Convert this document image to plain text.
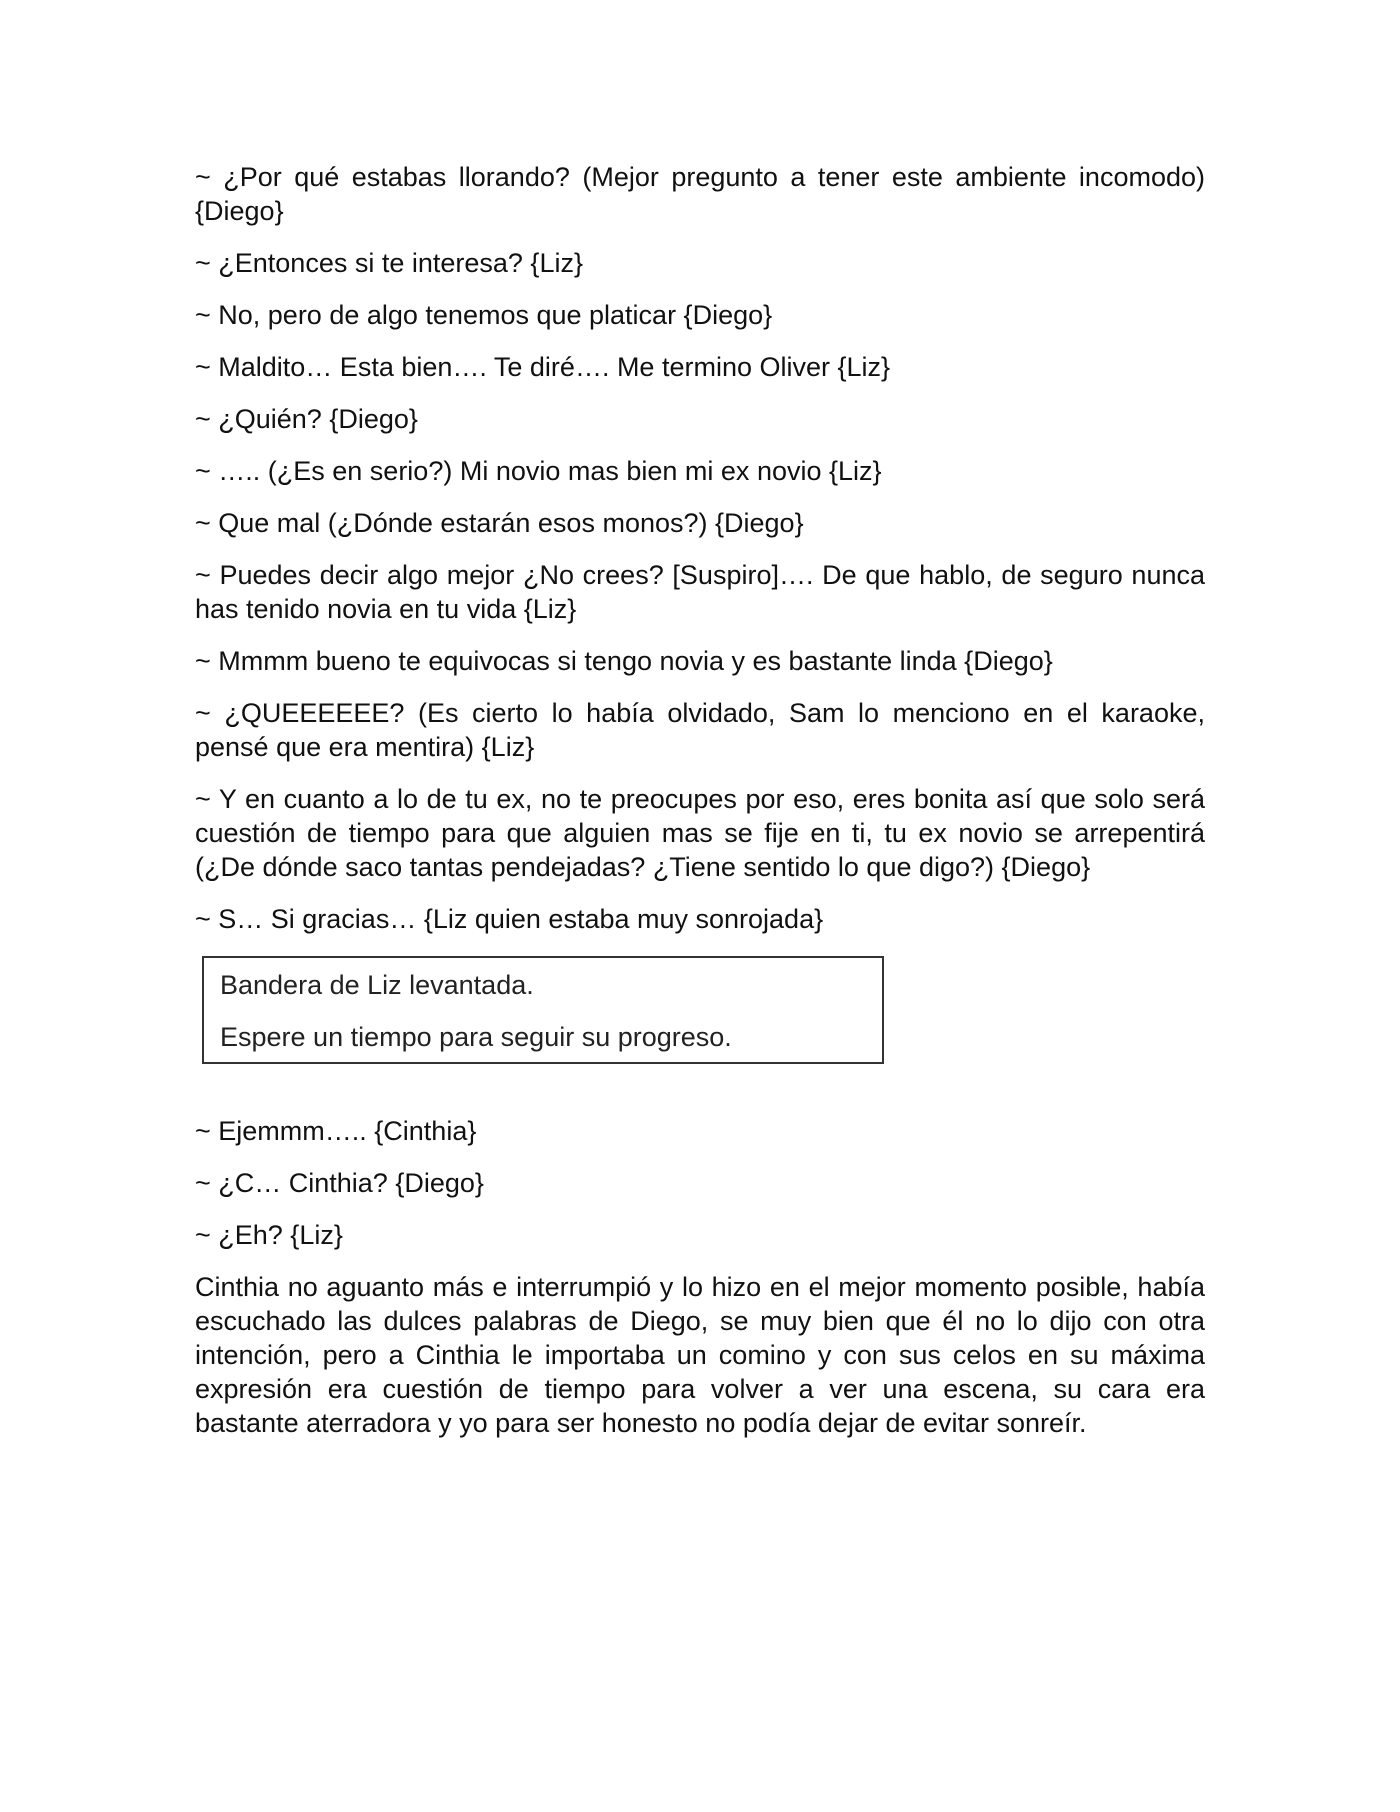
~ ¿Por qué estabas llorando? (Mejor pregunto a tener este ambiente incomodo) {Diego}

~ ¿Entonces si te interesa? {Liz}

~ No, pero de algo tenemos que platicar {Diego}

~ Maldito… Esta bien…. Te diré…. Me termino Oliver {Liz}

~ ¿Quién? {Diego}

~ ….. (¿Es en serio?) Mi novio mas bien mi ex novio {Liz}

~ Que mal (¿Dónde estarán esos monos?) {Diego}

~ Puedes decir algo mejor ¿No crees? [Suspiro]…. De que hablo, de seguro nunca has tenido novia en tu vida {Liz}

~ Mmmm bueno te equivocas si tengo novia y es bastante linda {Diego}

~ ¿QUEEEEEE? (Es cierto lo había olvidado, Sam lo menciono en el karaoke, pensé que era mentira) {Liz}

~ Y en cuanto a lo de tu ex, no te preocupes por eso, eres bonita así que solo será cuestión de tiempo para que alguien mas se fije en ti, tu ex novio se arrepentirá (¿De dónde saco tantas pendejadas? ¿Tiene sentido lo que digo?) {Diego}

~ S… Si gracias… {Liz quien estaba muy sonrojada}

Bandera de Liz levantada.

Espere un tiempo para seguir su progreso.

~ Ejemmm….. {Cinthia}

~ ¿C… Cinthia? {Diego}

~ ¿Eh? {Liz}

Cinthia no aguanto más e interrumpió y lo hizo en el mejor momento posible, había escuchado las dulces palabras de Diego, se muy bien que él no lo dijo con otra intención, pero a Cinthia le importaba un comino y con sus celos en su máxima expresión era cuestión de tiempo para volver a ver una escena, su cara era bastante aterradora y yo para ser honesto no podía dejar de evitar sonreír.
